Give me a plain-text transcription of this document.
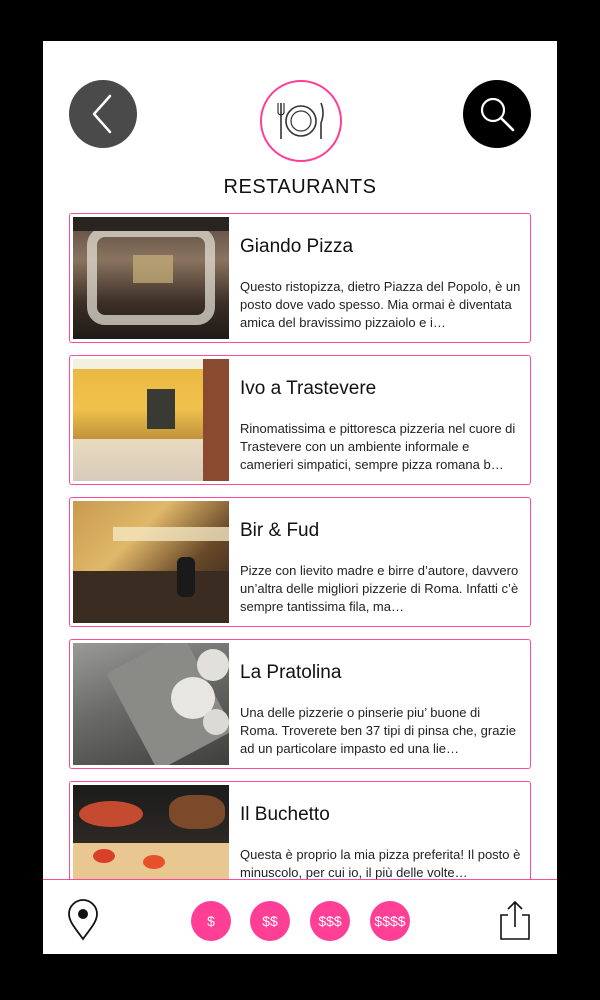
RESTAURANTS
Giando Pizza
Questo ristopizza, dietro Piazza del Popolo, è un posto dove vado spesso. Mia ormai è diventata amica del bravissimo pizzaiolo e i…
Ivo a Trastevere
Rinomatissima e pittoresca pizzeria nel cuore di Trastevere con un ambiente informale e camerieri simpatici, sempre pizza romana b…
Bir & Fud
Pizze con lievito madre e birre d’autore, davvero un’altra delle migliori pizzerie di Roma. Infatti c’è sempre tantissima fila, ma…
La Pratolina
Una delle pizzerie o pinserie piu’ buone di Roma. Troverete ben 37 tipi di pinsa che, grazie ad un particolare impasto ed una lie…
Il Buchetto
Questa è proprio la mia pizza preferita! Il posto è minuscolo, per cui io, il più delle volte…
$	$$	$$$	$$$$
